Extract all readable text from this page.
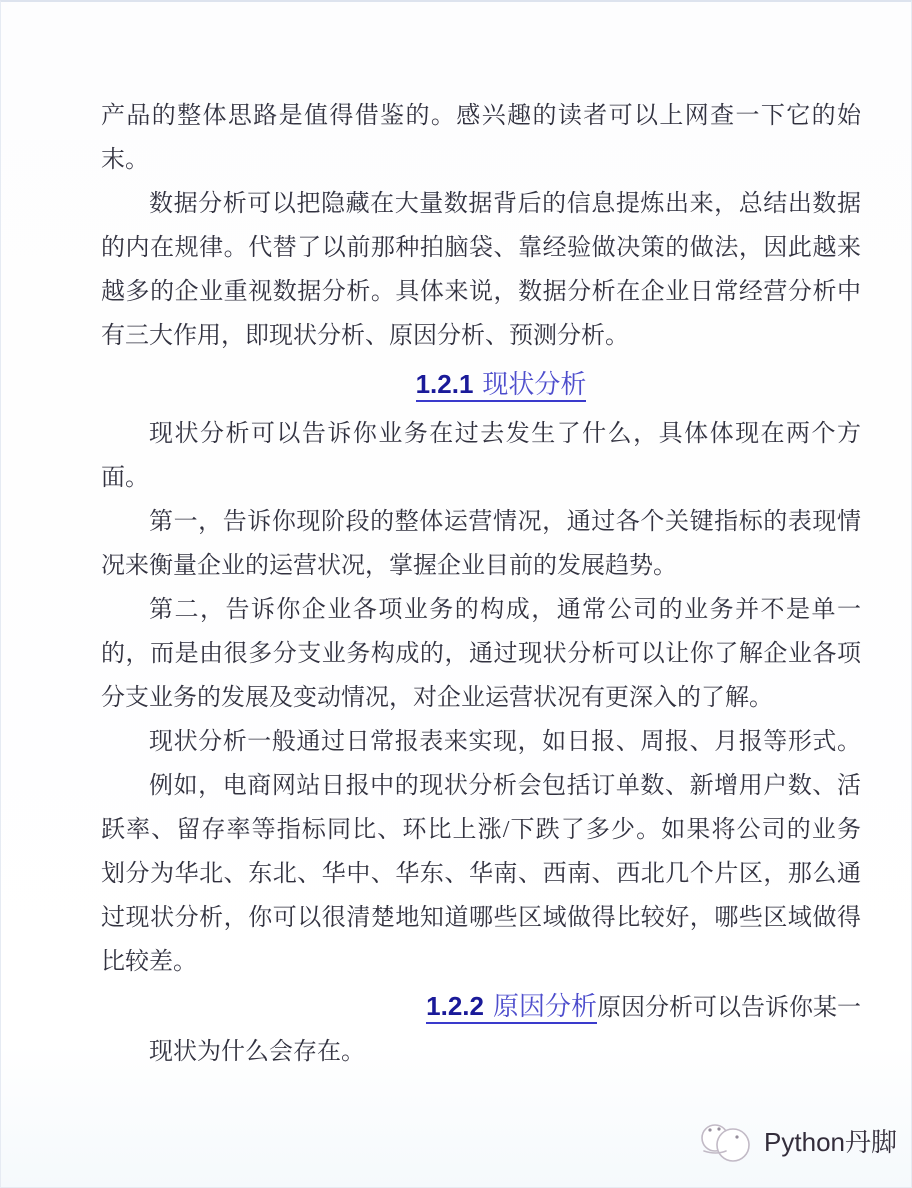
产品的整体思路是值得借鉴的。感兴趣的读者可以上网查一下它的始
末。
数据分析可以把隐藏在大量数据背后的信息提炼出来，总结出数据
的内在规律。代替了以前那种拍脑袋、靠经验做决策的做法，因此越来
越多的企业重视数据分析。具体来说，数据分析在企业日常经营分析中
有三大作用，即现状分析、原因分析、预测分析。
1.2.1 现状分析
现状分析可以告诉你业务在过去发生了什么，具体体现在两个方
面。
第一，告诉你现阶段的整体运营情况，通过各个关键指标的表现情
况来衡量企业的运营状况，掌握企业目前的发展趋势。
第二，告诉你企业各项业务的构成，通常公司的业务并不是单一
的，而是由很多分支业务构成的，通过现状分析可以让你了解企业各项
分支业务的发展及变动情况，对企业运营状况有更深入的了解。
现状分析一般通过日常报表来实现，如日报、周报、月报等形式。
例如，电商网站日报中的现状分析会包括订单数、新增用户数、活
跃率、留存率等指标同比、环比上涨/下跌了多少。如果将公司的业务
划分为华北、东北、华中、华东、华南、西南、西北几个片区，那么通
过现状分析，你可以很清楚地知道哪些区域做得比较好，哪些区域做得
比较差。
1.2.2 原因分析原因分析可以告诉你某一
现状为什么会存在。
Python丹脚
